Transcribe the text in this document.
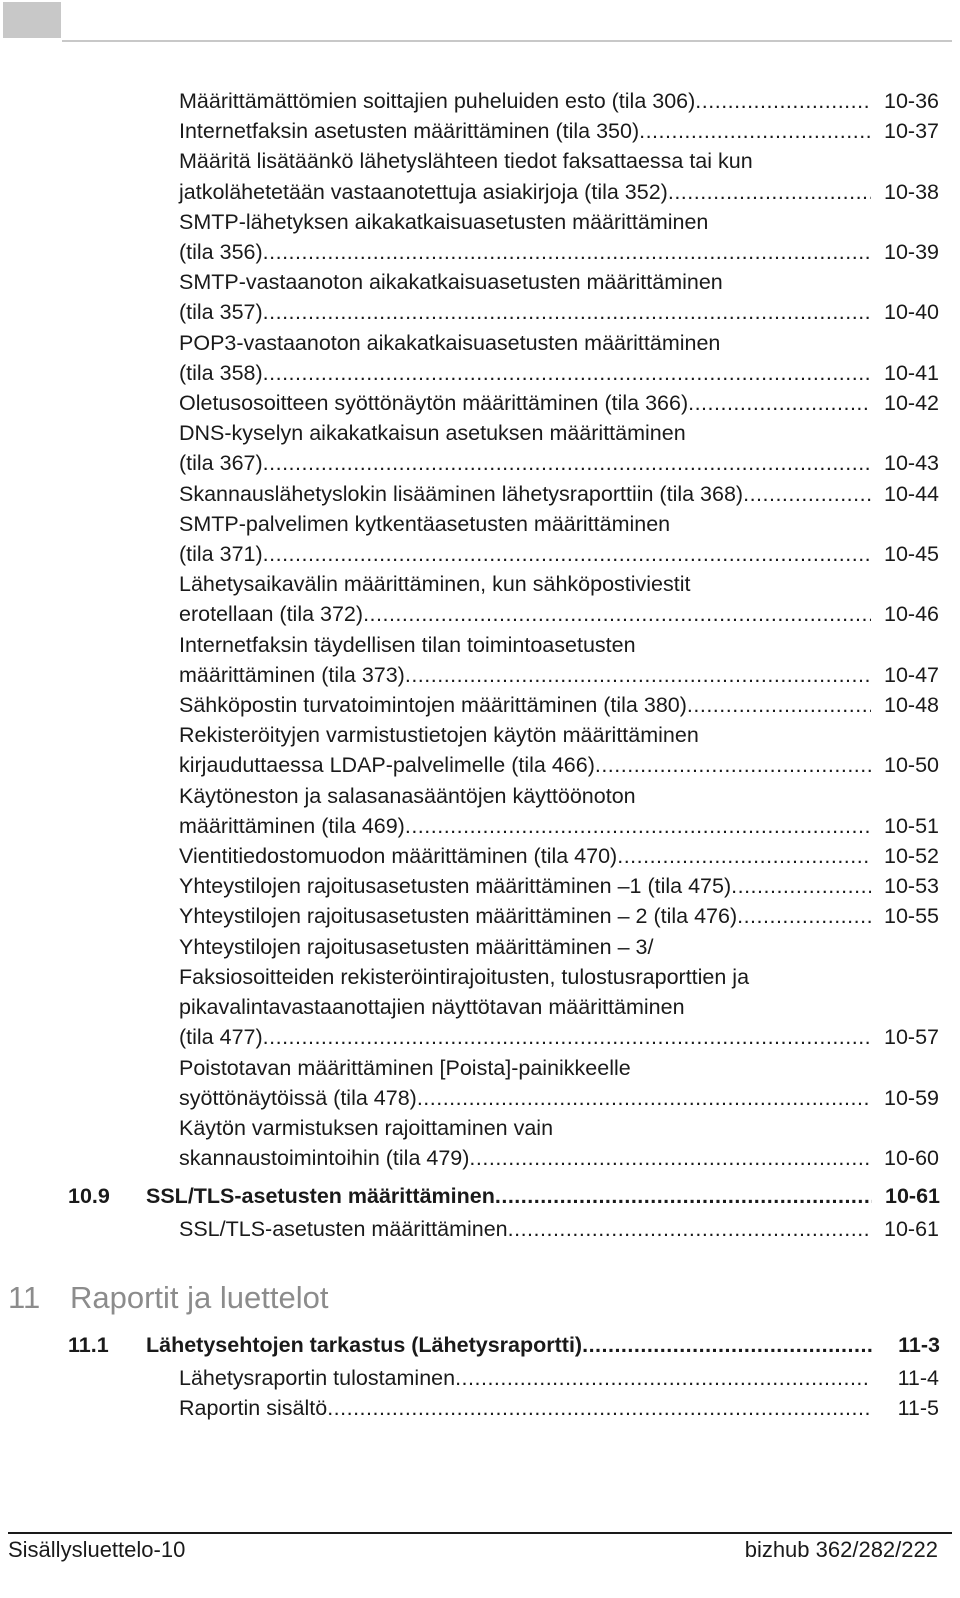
Määrittämättömien soittajien puheluiden esto (tila 306) .....	10-36
Internetfaksin asetusten määrittäminen (tila 350) .....	10-37
Määritä lisätäänkö lähetyslähteen tiedot faksattaessa tai kun
jatkolähetetään vastaanotettuja asiakirjoja (tila 352) .....	10-38
SMTP-lähetyksen aikakatkaisuasetusten määrittäminen
(tila 356) .....	10-39
SMTP-vastaanoton aikakatkaisuasetusten määrittäminen
(tila 357) .....	10-40
POP3-vastaanoton aikakatkaisuasetusten määrittäminen
(tila 358) .....	10-41
Oletusosoitteen syöttönäytön määrittäminen (tila 366) .....	10-42
DNS-kyselyn aikakatkaisun asetuksen määrittäminen
(tila 367) .....	10-43
Skannauslähetyslokin lisääminen lähetysraporttiin (tila 368) .....	10-44
SMTP-palvelimen kytkentäasetusten määrittäminen
(tila 371) .....	10-45
Lähetysaikavälin määrittäminen, kun sähköpostiviestit
erotellaan (tila 372) .....	10-46
Internetfaksin täydellisen tilan toimintoasetusten
määrittäminen (tila 373) .....	10-47
Sähköpostin turvatoimintojen määrittäminen (tila 380) .....	10-48
Rekisteröityjen varmistustietojen käytön määrittäminen
kirjauduttaessa LDAP-palvelimelle (tila 466) .....	10-50
Käytöneston ja salasanasääntöjen käyttöönoton
määrittäminen (tila 469) .....	10-51
Vientitiedostomuodon määrittäminen (tila 470) .....	10-52
Yhteystilojen rajoitusasetusten määrittäminen –1 (tila 475) .....	10-53
Yhteystilojen rajoitusasetusten määrittäminen – 2 (tila 476) .....	10-55
Yhteystilojen rajoitusasetusten määrittäminen – 3/
Faksiosoitteiden rekisteröintirajoitusten, tulostusraporttien ja
pikavalintavastaanottajien näyttötavan määrittäminen
(tila 477) .....	10-57
Poistotavan määrittäminen [Poista]-painikkeelle
syöttönäytöissä (tila 478) .....	10-59
Käytön varmistuksen rajoittaminen vain
skannaustoimintoihin (tila 479) .....	10-60
10.9	SSL/TLS-asetusten määrittäminen .....	10-61
SSL/TLS-asetusten määrittäminen .....	10-61
11 Raportit ja luettelot
11.1	Lähetysehtojen tarkastus (Lähetysraportti) .....	11-3
Lähetysraportin tulostaminen .....	11-4
Raportin sisältö .....	11-5
Sisällysluettelo-10	bizhub 362/282/222
